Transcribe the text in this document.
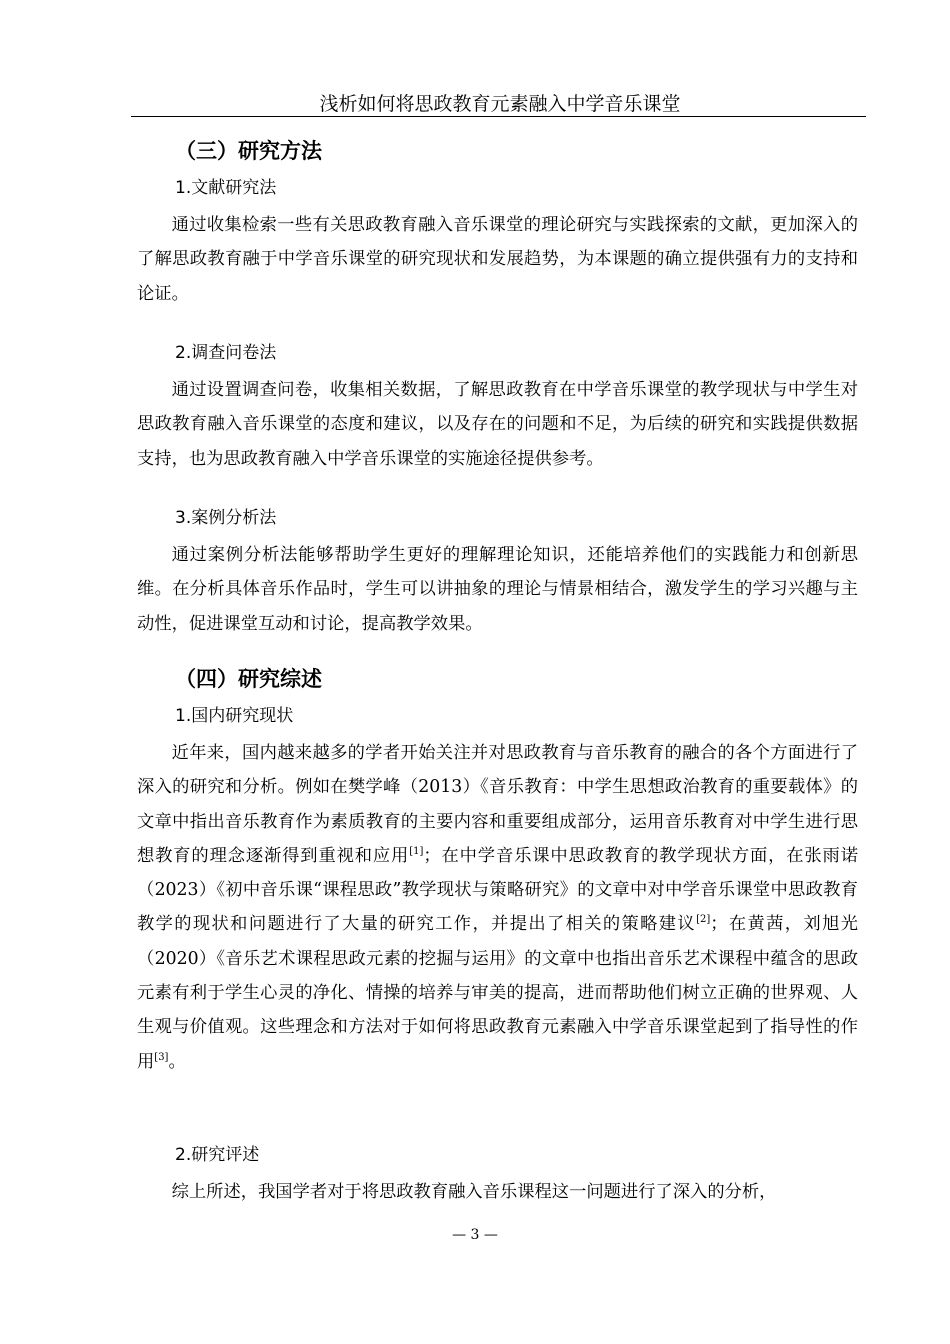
浅析如何将思政教育元素融入中学音乐课堂
（三）研究方法
1.文献研究法

通过收集检索一些有关思政教育融入音乐课堂的理论研究与实践探索的文献，更加深入的了解思政教育融于中学音乐课堂的研究现状和发展趋势，为本课题的确立提供强有力的支持和论证。

2.调查问卷法

通过设置调查问卷，收集相关数据，了解思政教育在中学音乐课堂的教学现状与中学生对思政教育融入音乐课堂的态度和建议，以及存在的问题和不足，为后续的研究和实践提供数据支持，也为思政教育融入中学音乐课堂的实施途径提供参考。

3.案例分析法

通过案例分析法能够帮助学生更好的理解理论知识，还能培养他们的实践能力和创新思维。在分析具体音乐作品时，学生可以讲抽象的理论与情景相结合，激发学生的学习兴趣与主动性，促进课堂互动和讨论，提高教学效果。

（四）研究综述
1.国内研究现状

近年来，国内越来越多的学者开始关注并对思政教育与音乐教育的融合的各个方面进行了深入的研究和分析。例如在樊学峰（2013）《音乐教育：中学生思想政治教育的重要载体》的文章中指出音乐教育作为素质教育的主要内容和重要组成部分，运用音乐教育对中学生进行思想教育的理念逐渐得到重视和应用[1]；在中学音乐课中思政教育的教学现状方面，在张雨诺（2023）《初中音乐课“课程思政”教学现状与策略研究》的文章中对中学音乐课堂中思政教育教学的现状和问题进行了大量的研究工作，并提出了相关的策略建议[2]；在黄茜，刘旭光（2020）《音乐艺术课程思政元素的挖掘与运用》的文章中也指出音乐艺术课程中蕴含的思政元素有利于学生心灵的净化、情操的培养与审美的提高，进而帮助他们树立正确的世界观、人生观与价值观。这些理念和方法对于如何将思政教育元素融入中学音乐课堂起到了指导性的作用[3]。

2.研究评述

综上所述，我国学者对于将思政教育融入音乐课程这一问题进行了深入的分析，

— 3 —
